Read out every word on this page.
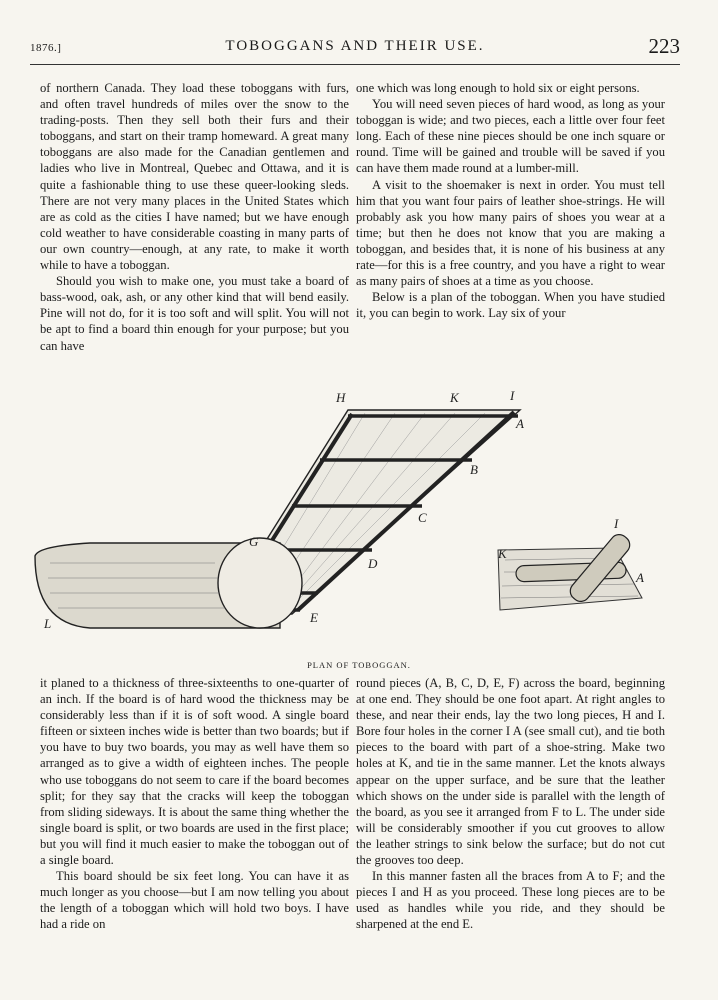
1876.]	TOBOGGANS AND THEIR USE.	223

of northern Canada. They load these toboggans with furs, and often travel hundreds of miles over the snow to the trading-posts. Then they sell both their furs and their toboggans, and start on their tramp homeward. A great many toboggans are also made for the Canadian gentlemen and ladies who live in Montreal, Quebec and Ottawa, and it is quite a fashionable thing to use these queer-looking sleds. There are not very many places in the United States which are as cold as the cities I have named; but we have enough cold weather to have considerable coasting in many parts of our own country—enough, at any rate, to make it worth while to have a toboggan.

Should you wish to make one, you must take a board of bass-wood, oak, ash, or any other kind that will bend easily. Pine will not do, for it is too soft and will split. You will not be apt to find a board thin enough for your purpose; but you can have

one which was long enough to hold six or eight persons.

You will need seven pieces of hard wood, as long as your toboggan is wide; and two pieces, each a little over four feet long. Each of these nine pieces should be one inch square or round. Time will be gained and trouble will be saved if you can have them made round at a lumber-mill.

A visit to the shoemaker is next in order. You must tell him that you want four pairs of leather shoe-strings. He will probably ask you how many pairs of shoes you wear at a time; but then he does not know that you are making a toboggan, and besides that, it is none of his business at any rate—for this is a free country, and you have a right to wear as many pairs of shoes at a time as you choose.

Below is a plan of the toboggan. When you have studied it, you can begin to work. Lay six of your

H	K	I
A
B
C
D
E
G
L
I
K
A
PLAN OF TOBOGGAN.

it planed to a thickness of three-sixteenths to one-quarter of an inch. If the board is of hard wood the thickness may be considerably less than if it is of soft wood. A single board fifteen or sixteen inches wide is better than two boards; but if you have to buy two boards, you may as well have them so arranged as to give a width of eighteen inches. The people who use toboggans do not seem to care if the board becomes split; for they say that the cracks will keep the toboggan from sliding sideways. It is about the same thing whether the single board is split, or two boards are used in the first place; but you will find it much easier to make the toboggan out of a single board.

This board should be six feet long. You can have it as much longer as you choose—but I am now telling you about the length of a toboggan which will hold two boys. I have had a ride on

round pieces (A, B, C, D, E, F) across the board, beginning at one end. They should be one foot apart. At right angles to these, and near their ends, lay the two long pieces, H and I. Bore four holes in the corner I A (see small cut), and tie both pieces to the board with part of a shoe-string. Make two holes at K, and tie in the same manner. Let the knots always appear on the upper surface, and be sure that the leather which shows on the under side is parallel with the length of the board, as you see it arranged from F to L. The under side will be considerably smoother if you cut grooves to allow the leather strings to sink below the surface; but do not cut the grooves too deep.

In this manner fasten all the braces from A to F; and the pieces I and H as you proceed. These long pieces are to be used as handles while you ride, and they should be sharpened at the end E.
